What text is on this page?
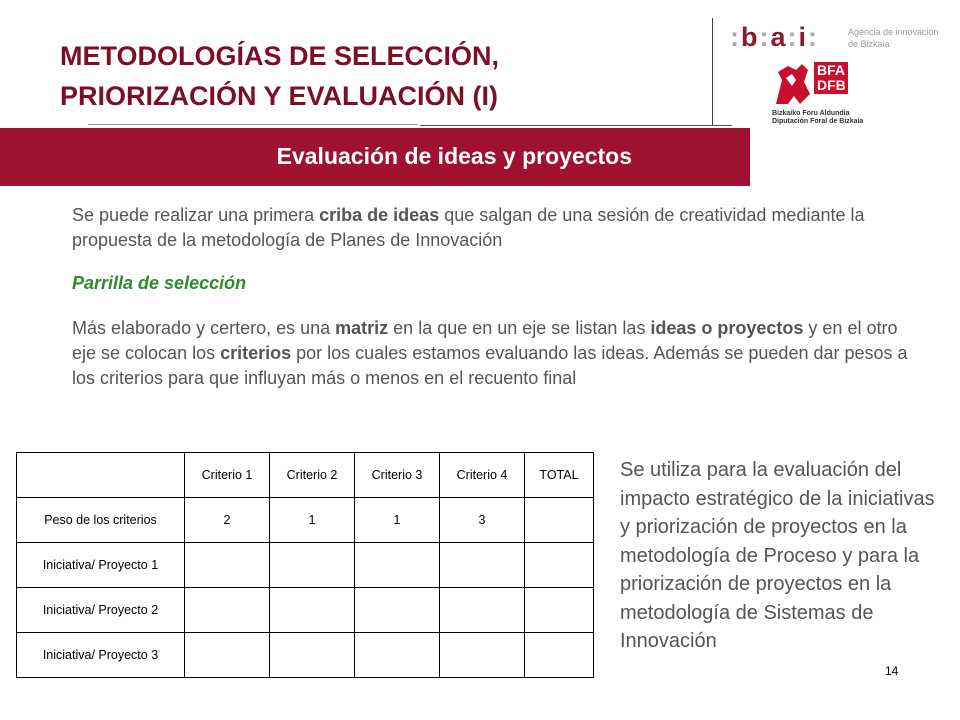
METODOLOGÍAS DE SELECCIÓN,
PRIORIZACIÓN Y EVALUACIÓN (I)
:b:a:i:	Agencia de innovación
de Bizkaia
BFA
DFB
Bizkaiko Foru Aldundia
Diputación Foral de Bizkaia
Evaluación de ideas y proyectos
Se puede realizar una primera criba de ideas que salgan de una sesión de creatividad mediante la propuesta de la metodología de Planes de Innovación
Parrilla de selección
Más elaborado y certero, es una matriz en la que en un eje se listan las ideas o proyectos y en el otro eje se colocan los criterios por los cuales estamos evaluando las ideas. Además se pueden dar pesos a los criterios para que influyan más o menos en el recuento final
	Criterio 1	Criterio 2	Criterio 3	Criterio 4	TOTAL
Peso de los criterios	2	1	1	3	
Iniciativa/ Proyecto 1					
Iniciativa/ Proyecto 2					
Iniciativa/ Proyecto 3					
Se utiliza para la evaluación del impacto estratégico de la iniciativas y priorización de proyectos en la metodología de Proceso y para la priorización de proyectos en la metodología de Sistemas de Innovación
14
